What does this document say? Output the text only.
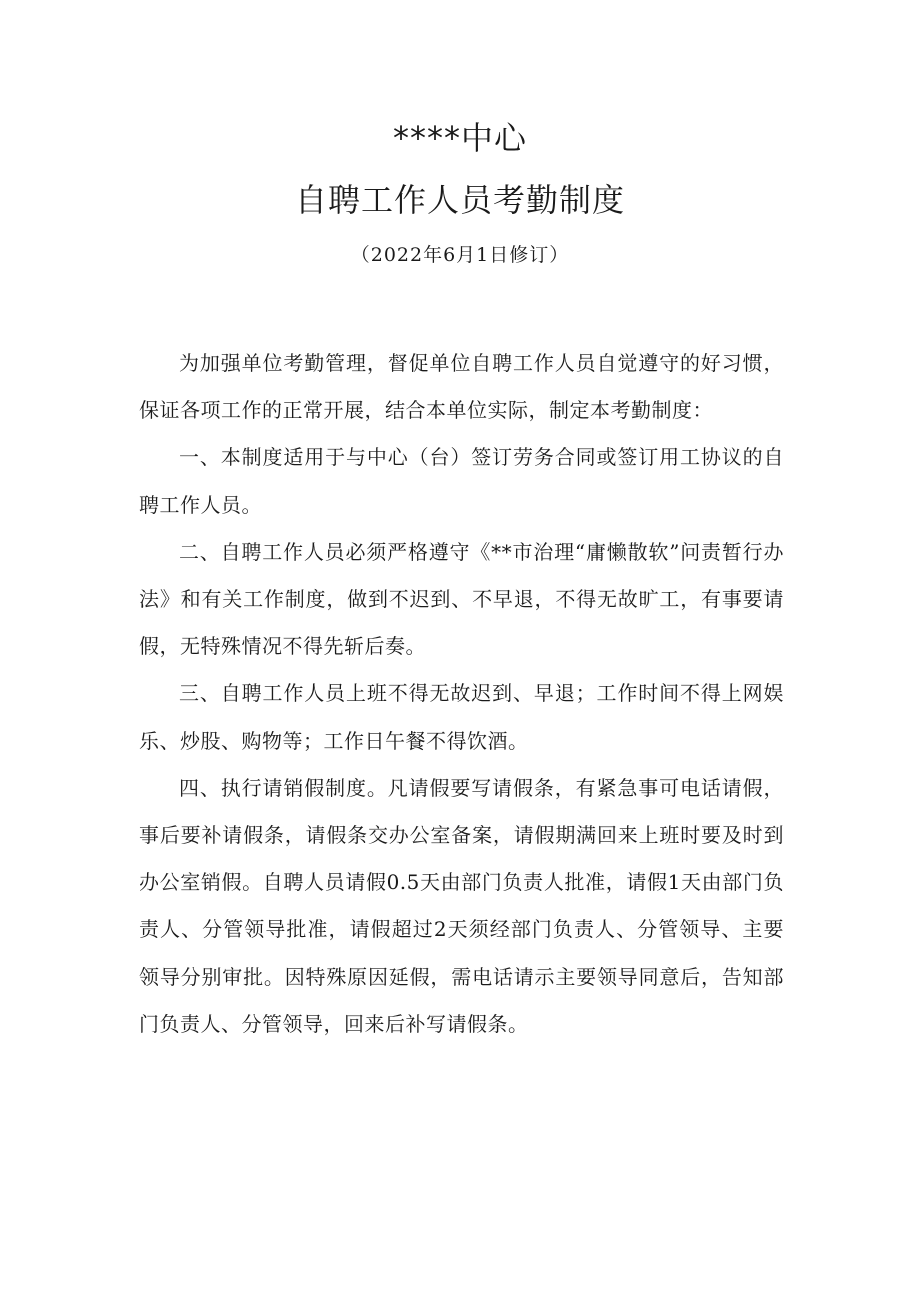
****中心
自聘工作人员考勤制度
（2022年6月1日修订）

为加强单位考勤管理，督促单位自聘工作人员自觉遵守的好习惯，保证各项工作的正常开展，结合本单位实际，制定本考勤制度：

一、本制度适用于与中心（台）签订劳务合同或签订用工协议的自聘工作人员。

二、自聘工作人员必须严格遵守《**市治理“庸懒散软”问责暂行办法》和有关工作制度，做到不迟到、不早退，不得无故旷工，有事要请假，无特殊情况不得先斩后奏。

三、自聘工作人员上班不得无故迟到、早退；工作时间不得上网娱乐、炒股、购物等；工作日午餐不得饮酒。

四、执行请销假制度。凡请假要写请假条，有紧急事可电话请假，事后要补请假条，请假条交办公室备案，请假期满回来上班时要及时到办公室销假。自聘人员请假0.5天由部门负责人批准，请假1天由部门负责人、分管领导批准，请假超过2天须经部门负责人、分管领导、主要领导分别审批。因特殊原因延假，需电话请示主要领导同意后，告知部门负责人、分管领导，回来后补写请假条。
